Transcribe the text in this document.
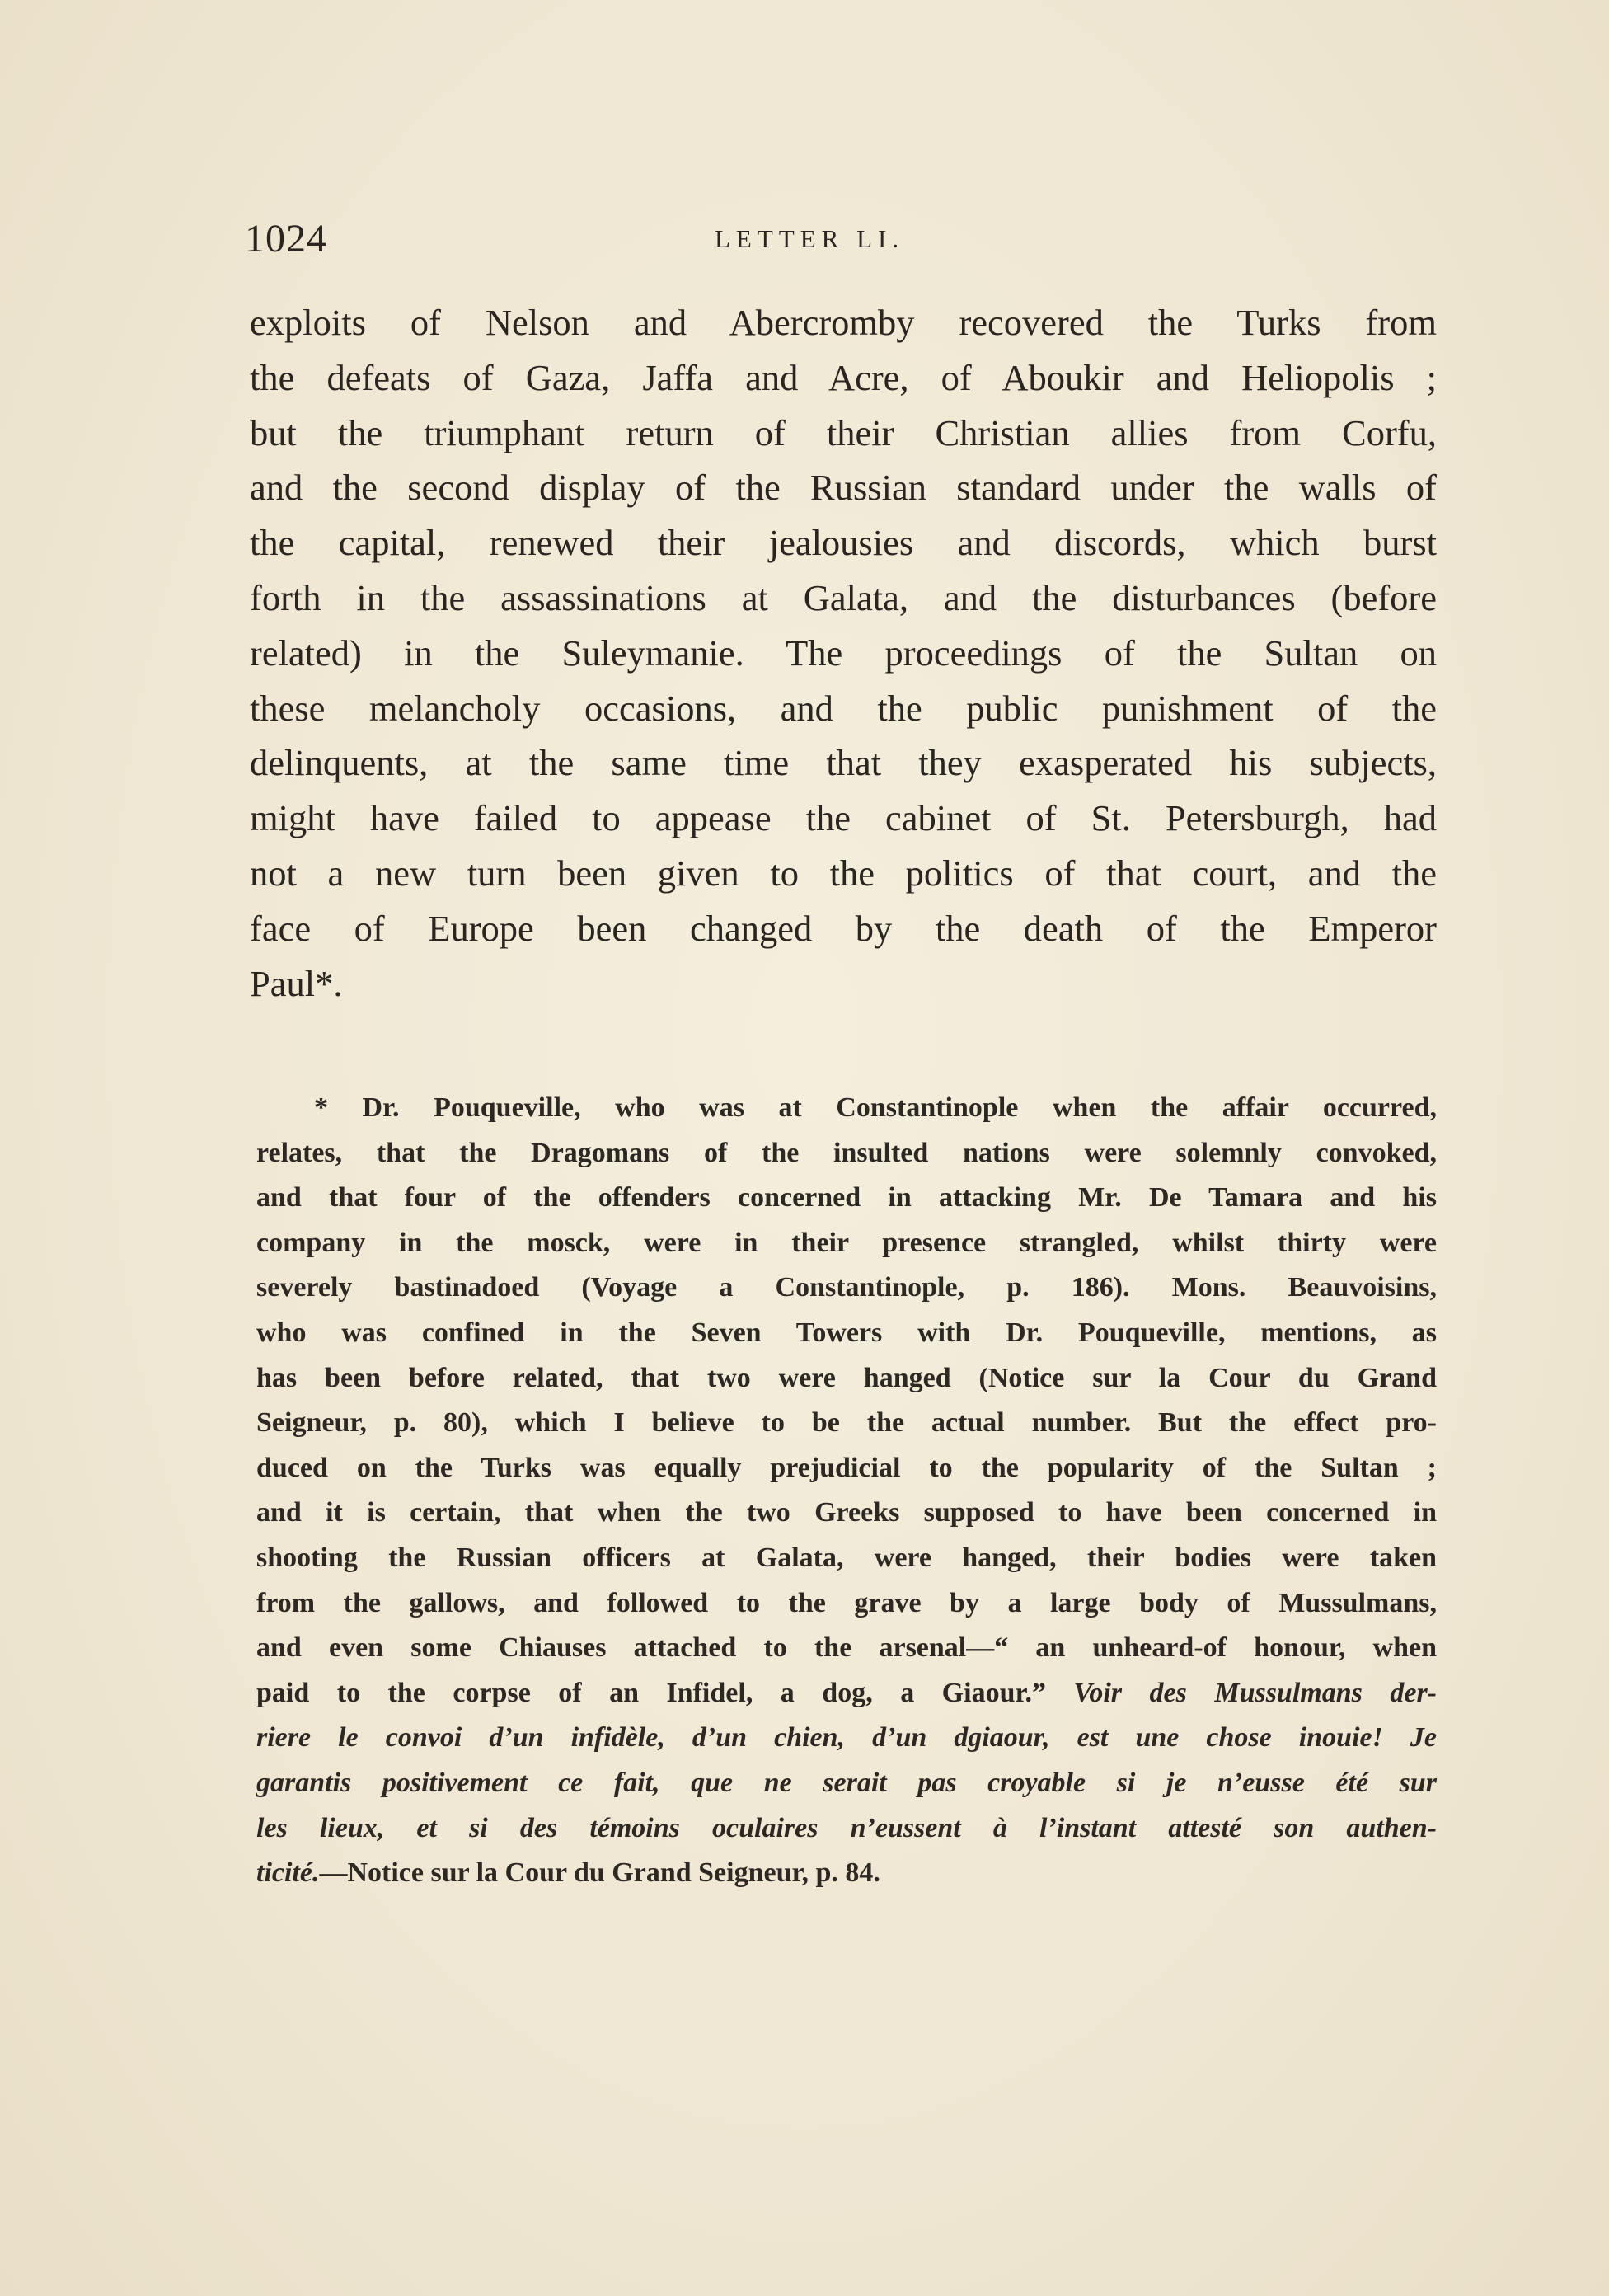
1024	LETTER LI.
exploits of Nelson and Abercromby recovered the Turks from
the defeats of Gaza, Jaffa and Acre, of Aboukir and Heliopolis ;
but the triumphant return of their Christian allies from Corfu,
and the second display of the Russian standard under the walls of
the capital, renewed their jealousies and discords, which burst
forth in the assassinations at Galata, and the disturbances (before
related) in the Suleymanie. The proceedings of the Sultan on
these melancholy occasions, and the public punishment of the
delinquents, at the same time that they exasperated his subjects,
might have failed to appease the cabinet of St. Petersburgh, had
not a new turn been given to the politics of that court, and the
face of Europe been changed by the death of the Emperor
Paul*.
* Dr. Pouqueville, who was at Constantinople when the affair occurred,
relates, that the Dragomans of the insulted nations were solemnly convoked,
and that four of the offenders concerned in attacking Mr. De Tamara and his
company in the mosck, were in their presence strangled, whilst thirty were
severely bastinadoed (Voyage a Constantinople, p. 186). Mons. Beauvoisins,
who was confined in the Seven Towers with Dr. Pouqueville, mentions, as
has been before related, that two were hanged (Notice sur la Cour du Grand
Seigneur, p. 80), which I believe to be the actual number. But the effect pro-
duced on the Turks was equally prejudicial to the popularity of the Sultan ;
and it is certain, that when the two Greeks supposed to have been concerned in
shooting the Russian officers at Galata, were hanged, their bodies were taken
from the gallows, and followed to the grave by a large body of Mussulmans,
and even some Chiauses attached to the arsenal—“ an unheard-of honour, when
paid to the corpse of an Infidel, a dog, a Giaour.” Voir des Mussulmans der-
riere le convoi d’un infidèle, d’un chien, d’un dgiaour, est une chose inouie! Je
garantis positivement ce fait, que ne serait pas croyable si je n’eusse été sur
les lieux, et si des témoins oculaires n’eussent à l’instant attesté son authen-
ticité.—Notice sur la Cour du Grand Seigneur, p. 84.
